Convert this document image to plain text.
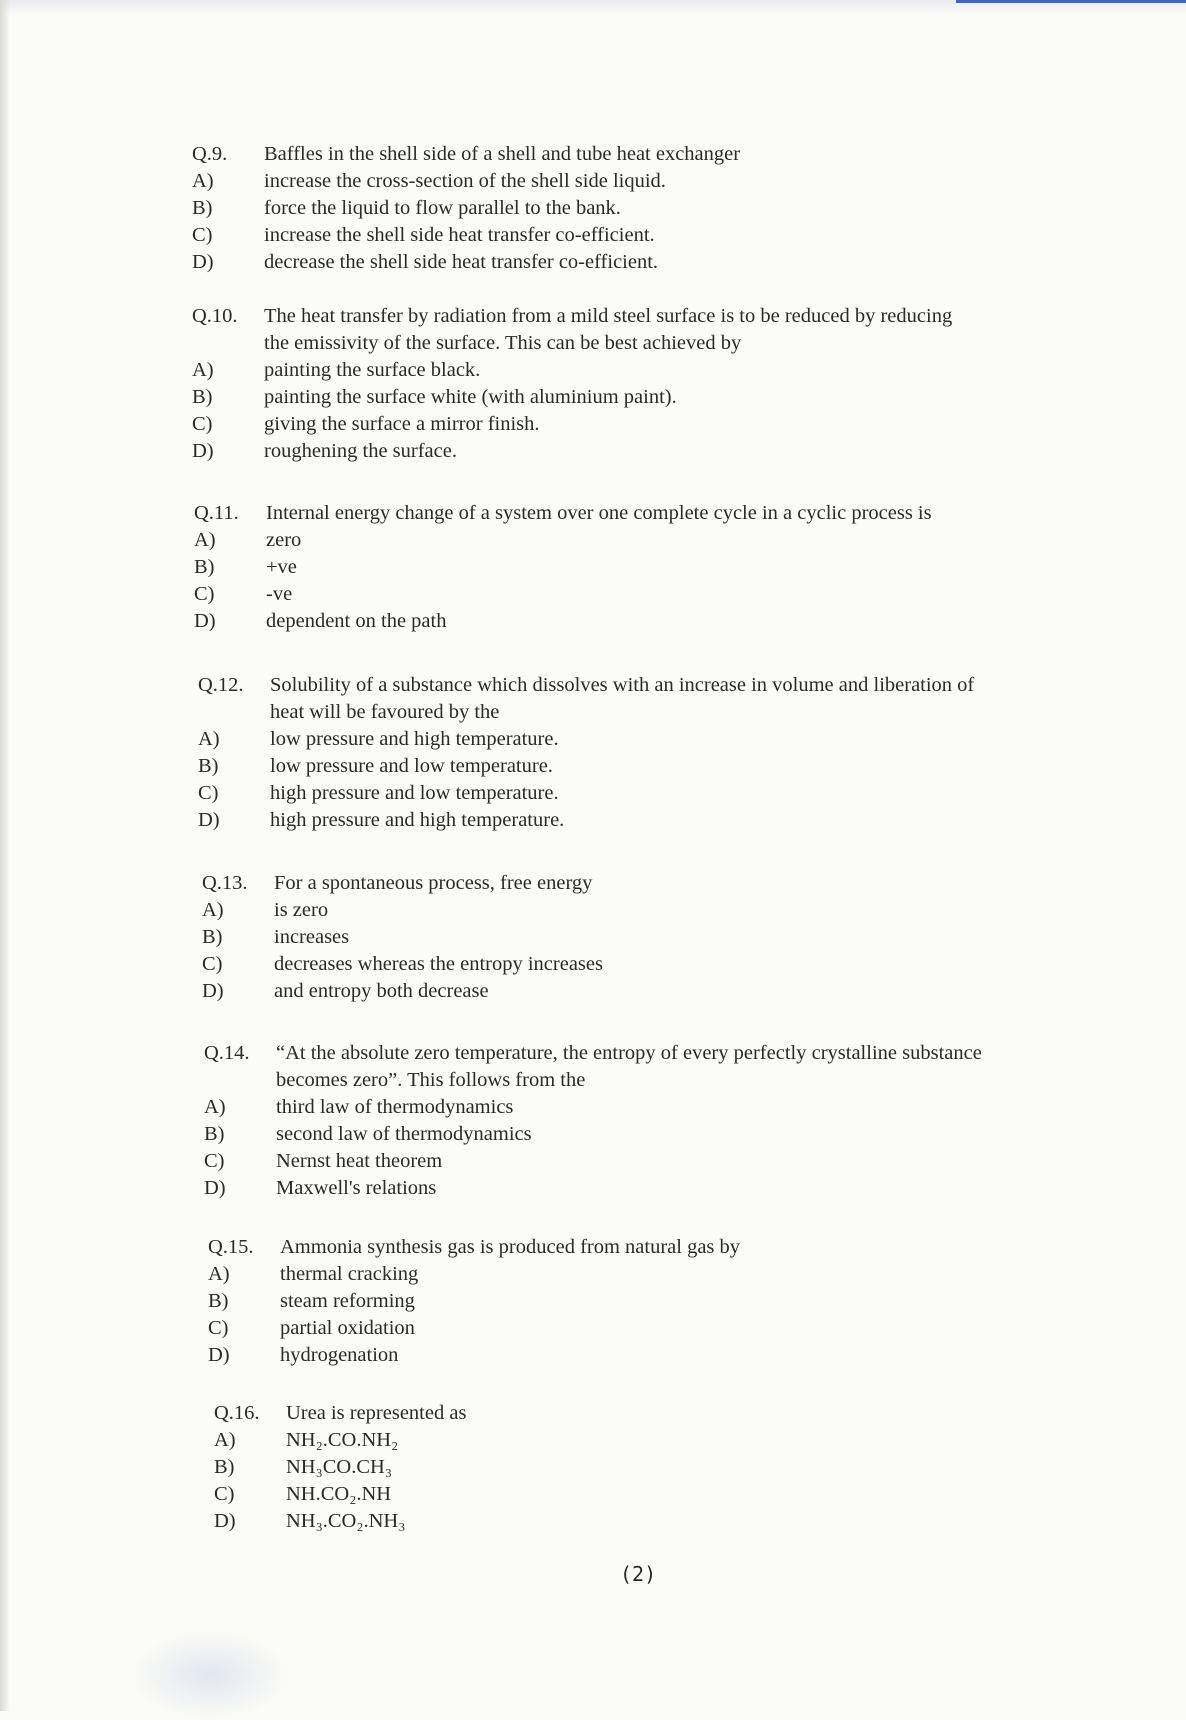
Q.9.	Baffles in the shell side of a shell and tube heat exchanger
A)	increase the cross-section of the shell side liquid.
B)	force the liquid to flow parallel to the bank.
C)	increase the shell side heat transfer co-efficient.
D)	decrease the shell side heat transfer co-efficient.
Q.10.	The heat transfer by radiation from a mild steel surface is to be reduced by reducing
the emissivity of the surface. This can be best achieved by
A)	painting the surface black.
B)	painting the surface white (with aluminium paint).
C)	giving the surface a mirror finish.
D)	roughening the surface.
Q.11.	Internal energy change of a system over one complete cycle in a cyclic process is
A)	zero
B)	+ve
C)	-ve
D)	dependent on the path
Q.12.	Solubility of a substance which dissolves with an increase in volume and liberation of
heat will be favoured by the
A)	low pressure and high temperature.
B)	low pressure and low temperature.
C)	high pressure and low temperature.
D)	high pressure and high temperature.
Q.13.	For a spontaneous process, free energy
A)	is zero
B)	increases
C)	decreases whereas the entropy increases
D)	and entropy both decrease
Q.14.	“At the absolute zero temperature, the entropy of every perfectly crystalline substance
becomes zero”. This follows from the
A)	third law of thermodynamics
B)	second law of thermodynamics
C)	Nernst heat theorem
D)	Maxwell's relations
Q.15.	Ammonia synthesis gas is produced from natural gas by
A)	thermal cracking
B)	steam reforming
C)	partial oxidation
D)	hydrogenation
Q.16.	Urea is represented as
A)	NH₂.CO.NH₂
B)	NH₃CO.CH₃
C)	NH.CO₂.NH
D)	NH₃.CO₂.NH₃
(2)
